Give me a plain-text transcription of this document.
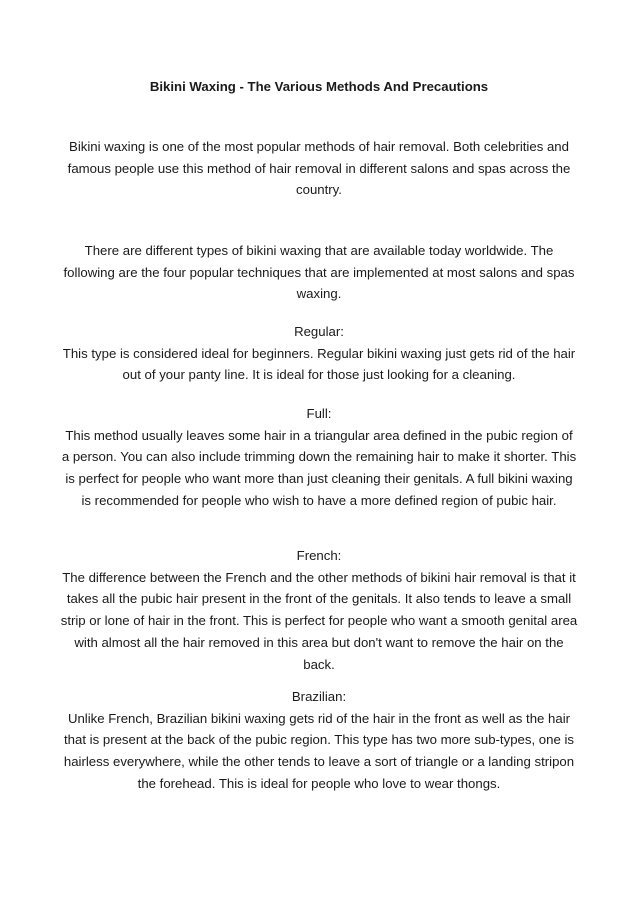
Bikini Waxing - The Various Methods And Precautions

Bikini waxing is one of the most popular methods of hair removal. Both celebrities and famous people use this method of hair removal in different salons and spas across the country.

There are different types of bikini waxing that are available today worldwide. The following are the four popular techniques that are implemented at most salons and spas waxing.

Regular:
This type is considered ideal for beginners. Regular bikini waxing just gets rid of the hair out of your panty line. It is ideal for those just looking for a cleaning.
Full:
This method usually leaves some hair in a triangular area defined in the pubic region of a person. You can also include trimming down the remaining hair to make it shorter. This is perfect for people who want more than just cleaning their genitals. A full bikini waxing is recommended for people who wish to have a more defined region of pubic hair.
French:
The difference between the French and the other methods of bikini hair removal is that it takes all the pubic hair present in the front of the genitals. It also tends to leave a small strip or lone of hair in the front. This is perfect for people who want a smooth genital area with almost all the hair removed in this area but don't want to remove the hair on the back.
Brazilian:
Unlike French, Brazilian bikini waxing gets rid of the hair in the front as well as the hair that is present at the back of the pubic region. This type has two more sub-types, one is hairless everywhere, while the other tends to leave a sort of triangle or a landing stripon the forehead. This is ideal for people who love to wear thongs.
